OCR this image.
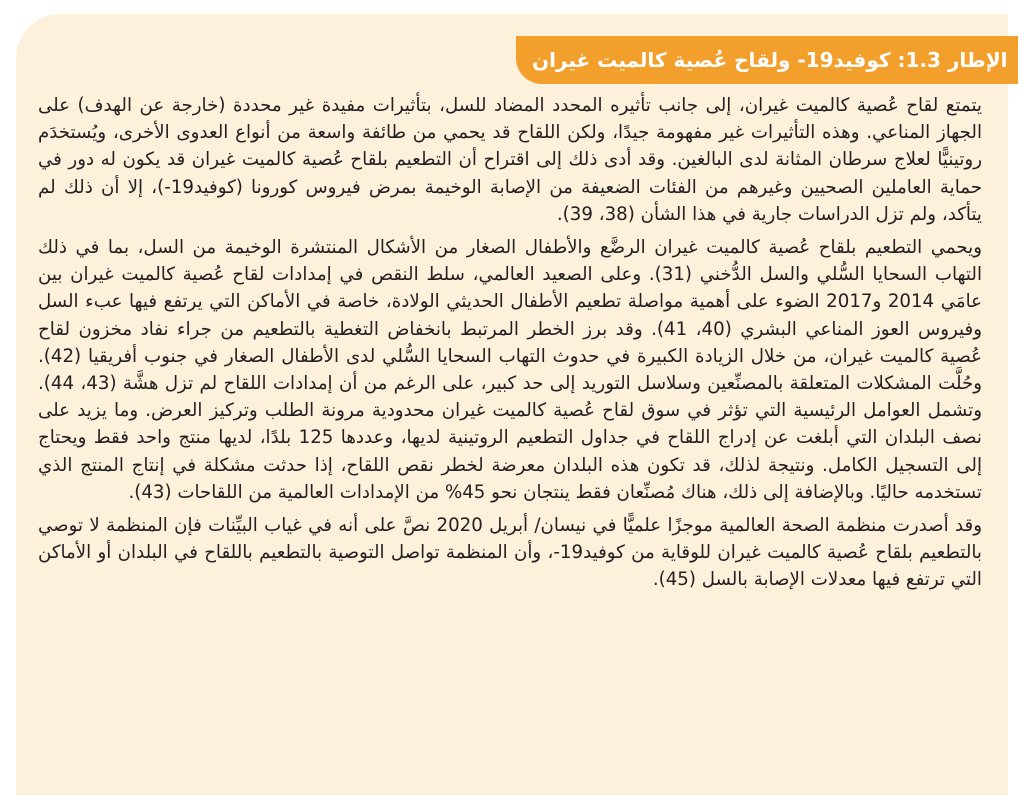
الإطار 1.3: كوفيد19- ولقاح عُصية كالميت غيران

يتمتع لقاح عُصية كالميت غيران، إلى جانب تأثيره المحدد المضاد للسل، بتأثيرات مفيدة غير محددة (خارجة عن الهدف) على الجهاز المناعي. وهذه التأثيرات غير مفهومة جيدًا، ولكن اللقاح قد يحمي من طائفة واسعة من أنواع العدوى الأخرى، ويُستخدَم روتينيًّا لعلاج سرطان المثانة لدى البالغين. وقد أدى ذلك إلى اقتراح أن التطعيم بلقاح عُصية كالميت غيران قد يكون له دور في حماية العاملين الصحيين وغيرهم من الفئات الضعيفة من الإصابة الوخيمة بمرض فيروس كورونا (كوفيد19-)، إلا أن ذلك لم يتأكد، ولم تزل الدراسات جارية في هذا الشأن (38، 39).

ويحمي التطعيم بلقاح عُصية كالميت غيران الرضَّع والأطفال الصغار من الأشكال المنتشرة الوخيمة من السل، بما في ذلك التهاب السحايا السُّلي والسل الدُّخني (31). وعلى الصعيد العالمي، سلط النقص في إمدادات لقاح عُصية كالميت غيران بين عامَي 2014 و2017 الضوء على أهمية مواصلة تطعيم الأطفال الحديثي الولادة، خاصة في الأماكن التي يرتفع فيها عبء السل وفيروس العوز المناعي البشري (40، 41). وقد برز الخطر المرتبط بانخفاض التغطية بالتطعيم من جراء نفاد مخزون لقاح عُصية كالميت غيران، من خلال الزيادة الكبيرة في حدوث التهاب السحايا السُّلي لدى الأطفال الصغار في جنوب أفريقيا (42). وحُلَّت المشكلات المتعلقة بالمصنِّعين وسلاسل التوريد إلى حد كبير، على الرغم من أن إمدادات اللقاح لم تزل هشَّة (43، 44). وتشمل العوامل الرئيسية التي تؤثر في سوق لقاح عُصية كالميت غيران محدودية مرونة الطلب وتركيز العرض. وما يزيد على نصف البلدان التي أبلغت عن إدراج اللقاح في جداول التطعيم الروتينية لديها، وعددها 125 بلدًا، لديها منتج واحد فقط ويحتاج إلى التسجيل الكامل. ونتيجة لذلك، قد تكون هذه البلدان معرضة لخطر نقص اللقاح، إذا حدثت مشكلة في إنتاج المنتج الذي تستخدمه حاليًا. وبالإضافة إلى ذلك، هناك مُصنِّعان فقط ينتجان نحو 45% من الإمدادات العالمية من اللقاحات (43).

وقد أصدرت منظمة الصحة العالمية موجزًا علميًّا في نيسان/ أبريل 2020 نصَّ على أنه في غياب البيِّنات فإن المنظمة لا توصي بالتطعيم بلقاح عُصية كالميت غيران للوقاية من كوفيد19-، وأن المنظمة تواصل التوصية بالتطعيم باللقاح في البلدان أو الأماكن التي ترتفع فيها معدلات الإصابة بالسل (45).
